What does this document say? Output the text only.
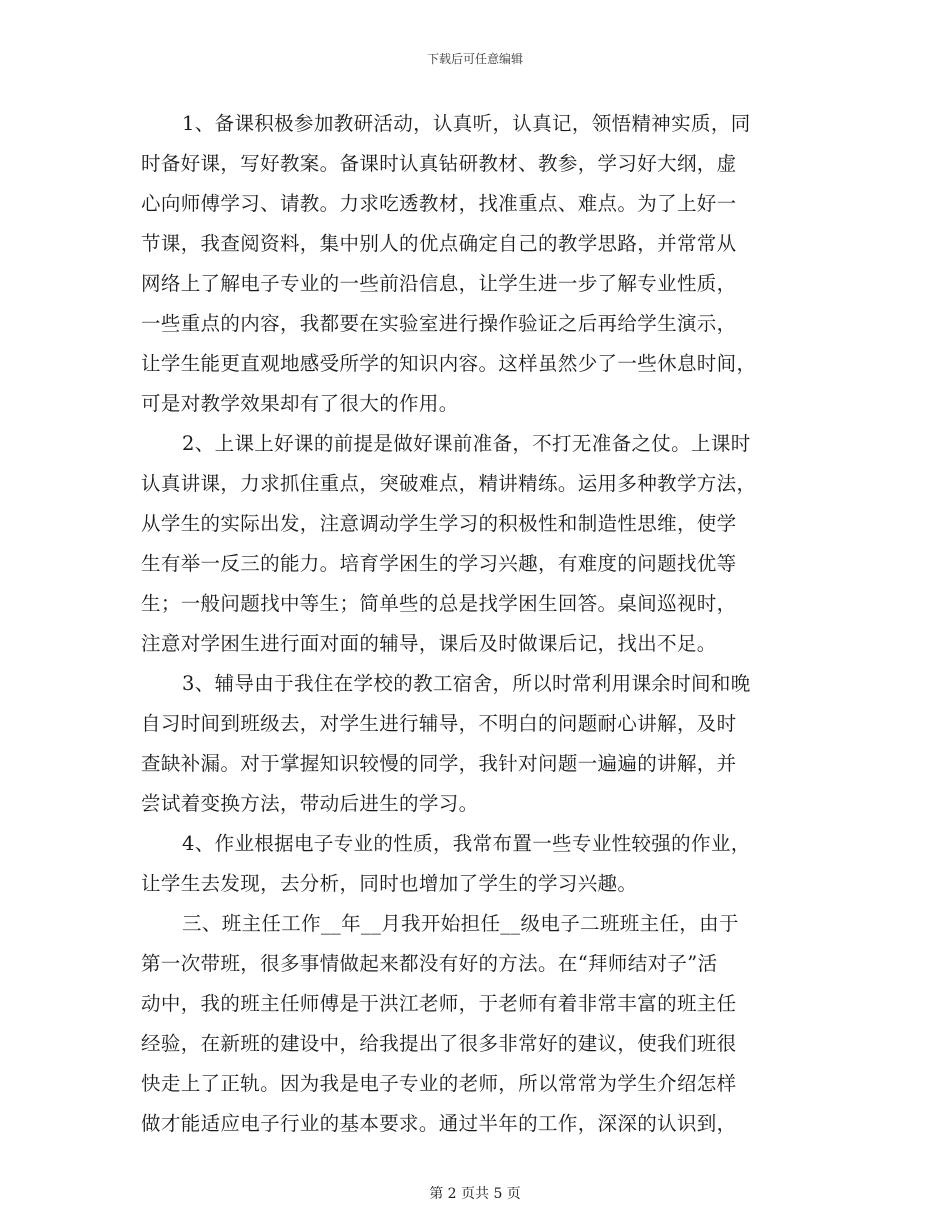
下载后可任意编辑
1、备课积极参加教研活动，认真听，认真记，领悟精神实质，同
时备好课，写好教案。备课时认真钻研教材、教参，学习好大纲，虚
心向师傅学习、请教。力求吃透教材，找准重点、难点。为了上好一
节课，我查阅资料，集中别人的优点确定自己的教学思路，并常常从
网络上了解电子专业的一些前沿信息，让学生进一步了解专业性质，
一些重点的内容，我都要在实验室进行操作验证之后再给学生演示，
让学生能更直观地感受所学的知识内容。这样虽然少了一些休息时间，
可是对教学效果却有了很大的作用。
2、上课上好课的前提是做好课前准备，不打无准备之仗。上课时
认真讲课，力求抓住重点，突破难点，精讲精练。运用多种教学方法，
从学生的实际出发，注意调动学生学习的积极性和制造性思维，使学
生有举一反三的能力。培育学困生的学习兴趣，有难度的问题找优等
生；一般问题找中等生；简单些的总是找学困生回答。桌间巡视时，
注意对学困生进行面对面的辅导，课后及时做课后记，找出不足。
3、辅导由于我住在学校的教工宿舍，所以时常利用课余时间和晚
自习时间到班级去，对学生进行辅导，不明白的问题耐心讲解，及时
查缺补漏。对于掌握知识较慢的同学，我针对问题一遍遍的讲解，并
尝试着变换方法，带动后进生的学习。
4、作业根据电子专业的性质，我常布置一些专业性较强的作业，
让学生去发现，去分析，同时也增加了学生的学习兴趣。
三、班主任工作__年__月我开始担任__级电子二班班主任，由于
第一次带班，很多事情做起来都没有好的方法。在“拜师结对子”活
动中，我的班主任师傅是于洪江老师，于老师有着非常丰富的班主任
经验，在新班的建设中，给我提出了很多非常好的建议，使我们班很
快走上了正轨。因为我是电子专业的老师，所以常常为学生介绍怎样
做才能适应电子行业的基本要求。通过半年的工作，深深的认识到，
第 2 页共 5 页
